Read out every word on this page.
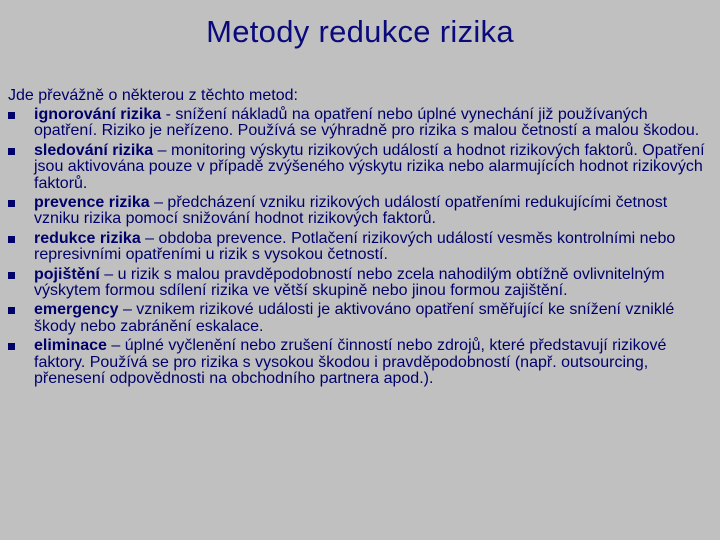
Metody redukce rizika
Jde převážně o některou z těchto metod:
ignorování rizika - snížení nákladů na opatření nebo úplné vynechání již používaných opatření. Riziko je neřízeno. Používá se výhradně pro rizika s malou četností a malou škodou.
sledování rizika – monitoring výskytu rizikových událostí a hodnot rizikových faktorů. Opatření jsou aktivována pouze v případě zvýšeného výskytu rizika nebo alarmujících hodnot rizikových faktorů.
prevence rizika – předcházení vzniku rizikových událostí opatřeními redukujícími četnost vzniku rizika pomocí snižování hodnot rizikových faktorů.
redukce rizika – obdoba prevence. Potlačení rizikových událostí vesměs kontrolními nebo represivními opatřeními u rizik s vysokou četností.
pojištění – u rizik s malou pravděpodobností nebo zcela nahodilým obtížně ovlivnitelným výskytem formou sdílení rizika ve větší skupině nebo jinou formou zajištění.
emergency – vznikem rizikové události je aktivováno opatření směřující ke snížení vzniklé škody nebo zabránění eskalace.
eliminace – úplné vyčlenění nebo zrušení činností nebo zdrojů, které představují rizikové faktory. Používá se pro rizika s vysokou škodou i pravděpodobností (např. outsourcing, přenesení odpovědnosti na obchodního partnera apod.).
